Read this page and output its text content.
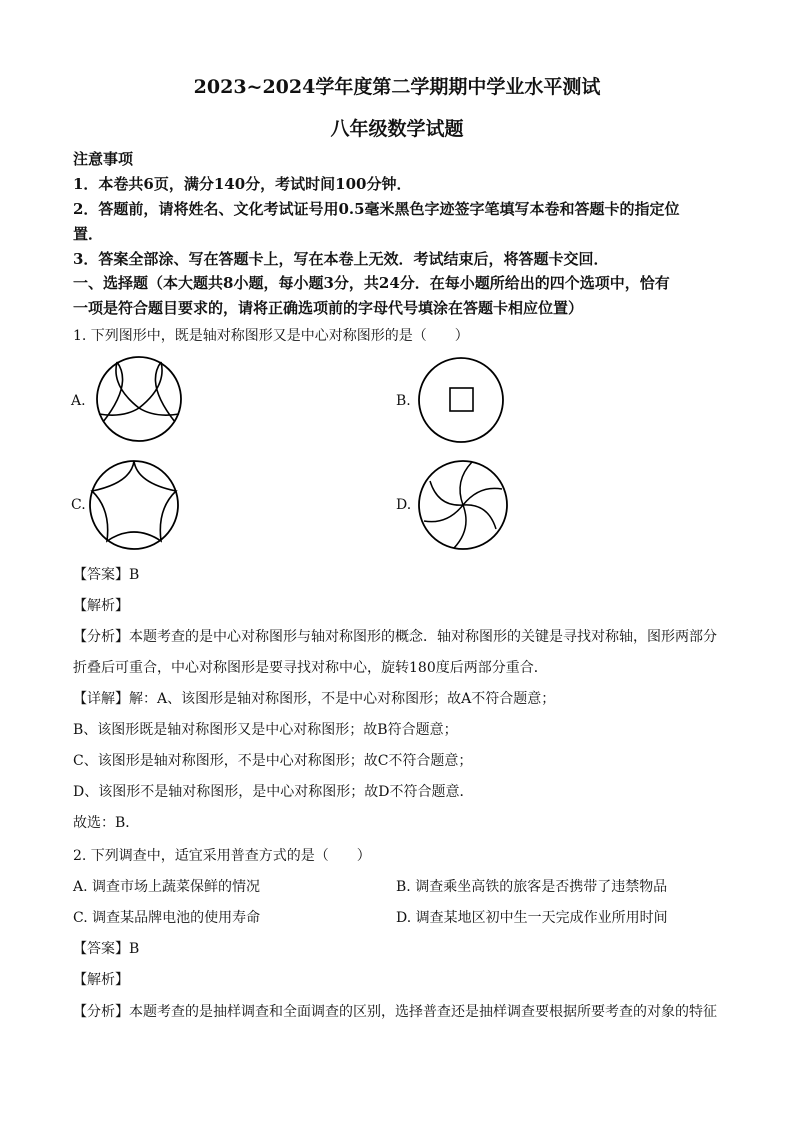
2023~2024学年度第二学期期中学业水平测试
八年级数学试题
注意事项
1．本卷共6页，满分140分，考试时间100分钟．
2．答题前，请将姓名、文化考试证号用0.5毫米黑色字迹签字笔填写本卷和答题卡的指定位
置．
3．答案全部涂、写在答题卡上，写在本卷上无效．考试结束后，将答题卡交回．
一、选择题（本大题共8小题，每小题3分，共24分．在每小题所给出的四个选项中，恰有
一项是符合题目要求的，请将正确选项前的字母代号填涂在答题卡相应位置）
1. 下列图形中，既是轴对称图形又是中心对称图形的是（　　）
A.	B.
C.	D.
【答案】B
【解析】
【分析】本题考查的是中心对称图形与轴对称图形的概念．轴对称图形的关键是寻找对称轴，图形两部分
折叠后可重合，中心对称图形是要寻找对称中心，旋转180度后两部分重合．
【详解】解：A、该图形是轴对称图形，不是中心对称图形；故A不符合题意；
B、该图形既是轴对称图形又是中心对称图形；故B符合题意；
C、该图形是轴对称图形，不是中心对称图形；故C不符合题意；
D、该图形不是轴对称图形，是中心对称图形；故D不符合题意．
故选：B．
2. 下列调查中，适宜采用普查方式的是（　　）
A. 调查市场上蔬菜保鲜的情况	B. 调查乘坐高铁的旅客是否携带了违禁物品
C. 调查某品牌电池的使用寿命	D. 调查某地区初中生一天完成作业所用时间
【答案】B
【解析】
【分析】本题考查的是抽样调查和全面调查的区别，选择普查还是抽样调查要根据所要考查的对象的特征
